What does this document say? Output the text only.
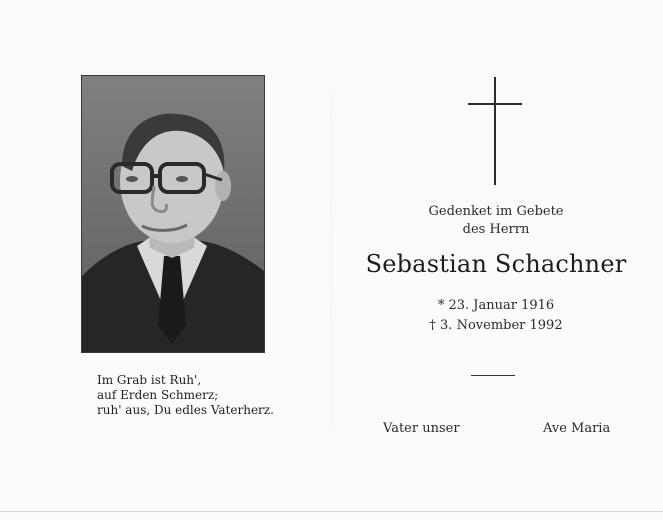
Im Grab ist Ruh',
auf Erden Schmerz;
ruh' aus, Du edles Vaterherz.
Gedenket im Gebete
des Herrn
Sebastian Schachner
* 23. Januar 1916
† 3. November 1992
Vater unser	Ave Maria
